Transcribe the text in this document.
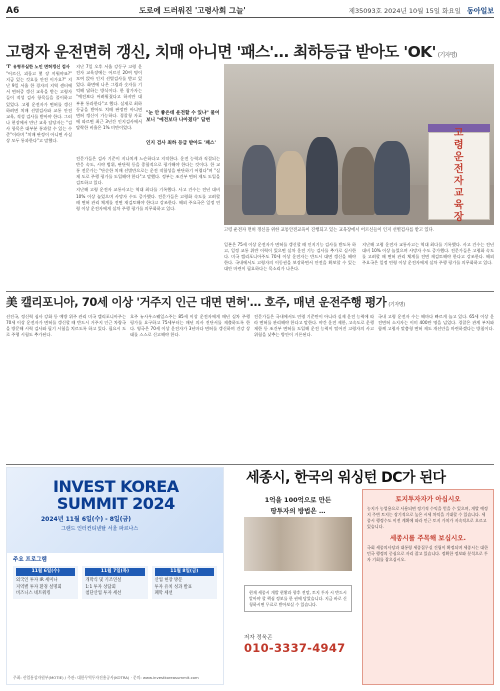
A6	도로에 드러워진 '고령사회 그늘'	제35093호 2024년 10월 15일 화요일 동아일보
고령자 운전면허 갱신, 치매 아니면 '패스'… 최하등급 받아도 'OK' (기자명)

'T' 유형무실한 노인 면허갱신 검사

"어르신, 괴롭고 몇 장 끼워야죠?" 지금 있는 것요를 안전 이가요?" 지난 9일 서울 한 경자의 지역 센터에서 면허증 갱신 교육을 받는 고령자들이 적성 검사 항목들을 풀이하고 있었다. 고령 운전자가 면허를 갱신하려면 치매 선별검사와 교통 안전 교육, 적성 검사를 받아야 한다. 그러나 현장에서 만난 교육 담당자는 "검사 항목은 대부분 통과할 수 있는 수준"이라며 "치매 판정이 아니면 사실상 모두 통과한다"고 말했다.

지난 7일 오후 서울 강동구 고령 운전자 교육장에는 어르신 20여 명이 모여 앉아 인지 선별검사를 받고 있었다. 화면에 나온 그림과 숫자를 기억해 답하는 방식이다. 한 참가자는 "예전보다 어려워졌다고 하지만 대부분 통과한다"고 했다. 실제로 최하 등급을 받아도 치매 판정만 아니면 면허 갱신이 가능하다. 경찰청 자료에 따르면 최근 3년간 인지검사에서 탈락한 비율은 1% 미만이었다.

"눈 안 좋은데 운전할 수 있냐" 물어보니 "예전보다 나아졌다" 답변
인지 검사 최하 등급 받아도 '패스'

전문가들은 검사 기준이 지나치게 느슨하다고 지적한다. 운전 능력과 직결되는 반응 속도, 시야 범위, 판단력 등을 종합적으로 평가해야 한다는 것이다. 한 교통 전문가는 "단순한 치매 선별만으로는 운전 적합성을 판단하기 어렵다"며 "실제 도로 주행 평가를 도입해야 한다"고 말했다. 정부는 조건부 면허 제도 도입을 검토하고 있다.

지난해 고령 운전자 교통사고는 역대 최다를 기록했다. 사고 건수는 전년 대비 10% 이상 늘었으며 사망자 수도 증가했다. 전문가들은 고령화 속도를 고려할 때 면허 관리 체계를 전면 재검토해야 한다고 강조한다. 해외 주요국은 일정 연령 이상 운전자에게 실차 주행 평가를 의무화하고 있다.

고
령
운
전
자
교
육
장
고령 운전자 면허 갱신을 위한 교통안전교육이 진행되고 있는 교육장에서 어르신들이 인지 선별검사를 받고 있다.

일본은 75세 이상 운전자가 면허를 갱신할 때 인지기능 검사를 받도록 하고, 일정 교통 위반 이력이 있으면 실차 운전 기능 검사를 추가로 실시한다. 미국 캘리포니아주도 70세 이상 운전자는 반드시 대면 갱신을 해야 한다. 국내에서도 고령자의 이동권을 보장하면서 안전을 확보할 수 있는 대안 마련이 필요하다는 목소리가 나온다.

지난해 고령 운전자 교통사고는 역대 최다를 기록했다. 사고 건수는 전년 대비 10% 이상 늘었으며 사망자 수도 증가했다. 전문가들은 고령화 속도를 고려할 때 면허 관리 체계를 전면 재검토해야 한다고 강조한다. 해외 주요국은 일정 연령 이상 운전자에게 실차 주행 평가를 의무화하고 있다.

美 캘리포니아, 70세 이상 '거주지 인근 대면 면허'… 호주, 매년 운전주행 평가 (기자명)

선진국, 정신력 심사 강화 등 예방 위주 관리 미국 캘리포니아주는 70세 이상 운전자가 면허를 갱신할 때 반드시 거주지 인근 차량국을 방문해 시력 검사와 필기 시험을 치르도록 하고 있다. 필요시 도로 주행 시험도 추가된다.

호주 뉴사우스웨일스주는 85세 이상 운전자에게 매년 실차 주행 평가를 요구하고 75세부터는 매년 의사 진단서를 제출하도록 한다. 영국은 70세 이상 운전자가 3년마다 면허를 갱신하며 건강 상태를 스스로 신고해야 한다.

전문가들은 국내에서도 연령 기준만이 아니라 실제 운전 능력에 따라 면허를 관리해야 한다고 말한다. 야간 운전 제한, 고속도로 운행 제한 등 조건부 면허를 도입해 운전 능력이 떨어진 고령자의 사고 위험을 낮추는 방안이 거론된다.

국내 고령 운전자 수는 해마다 빠르게 늘고 있다. 65세 이상 운전면허 소지자는 이미 400만 명을 넘었다. 경찰은 관계 부처와 함께 고령자 맞춤형 면허 제도 개선안을 마련하겠다는 방침이다.

INVEST KOREA
SUMMIT 2024
2024년 11월 6일(수) - 8일(금)
그랜드 인터컨티넨탈 서울 파르나스
주요 프로그램
11월 6일(수)
외국인 투자 IR 세미나
지역별 투자 환경 설명회
비즈니스 네트워킹
11월 7일(목)
개막식 및 기조연설
1:1 투자 상담회
첨단산업 투자 세션
11월 8일(금)
산업 현장 방문
투자 유치 성과 발표
폐막 세션
주최: 산업통상자원부(MOTIE) / 주관: 대한무역투자진흥공사(KOTRA) · 문의: www.investkoreasummit.com
세종시, 한국의 워싱턴 DC가 된다
1억을 100억으로 만든
땅투자의 방법은 …
현재 세종시 개발 현황과 향후 전망, 토지 투자 시 반드시 알아야 할 핵심 정보를 한 권에 담았습니다. 지금 바로 신청하시면 무료로 받아보실 수 있습니다.
저자 정욱곤
010-3337-4947
토지투자자가 아십시오
농지가 농업용으로 사용되면 정기적 수익을 얻을 수 있으며, 개발 예정지 주변 토지는 장기적으로 높은 시세 차익을 기대할 수 있습니다. 세종시 행정수도 이전 계획에 따라 인근 토지 가치가 지속적으로 오르고 있습니다.
세종시를 주목해 보십시오.
국회 세종의사당과 대통령 세종집무실 건립이 확정되며 세종시는 대한민국 행정의 중심으로 자리 잡고 있습니다. 정확한 정보와 분석으로 투자 기회를 잡으십시오.
